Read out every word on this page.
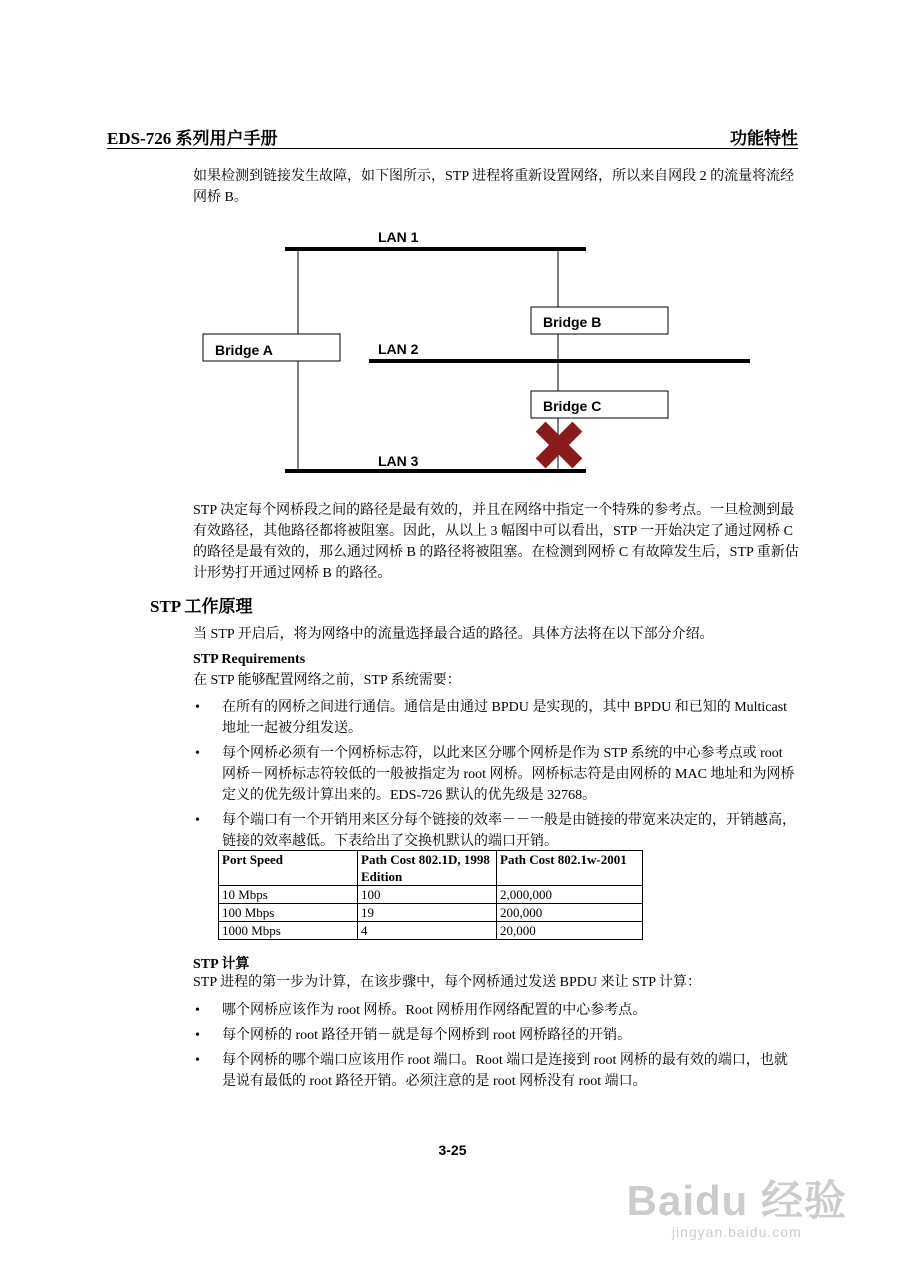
EDS-726 系列用户手册	功能特性

如果检测到链接发生故障，如下图所示，STP 进程将重新设置网络，所以来自网段 2 的流量将流经网桥 B。

LAN 1
LAN 2
LAN 3
Bridge A
Bridge B
Bridge C

STP 决定每个网桥段之间的路径是最有效的，并且在网络中指定一个特殊的参考点。一旦检测到最有效路径，其他路径都将被阻塞。因此，从以上 3 幅图中可以看出，STP 一开始决定了通过网桥 C 的路径是最有效的，那么通过网桥 B 的路径将被阻塞。在检测到网桥 C 有故障发生后，STP 重新估计形势打开通过网桥 B 的路径。

STP 工作原理

当 STP 开启后，将为网络中的流量选择最合适的路径。具体方法将在以下部分介绍。

STP Requirements

在 STP 能够配置网络之前，STP 系统需要：

• 在所有的网桥之间进行通信。通信是由通过 BPDU 是实现的，其中 BPDU 和已知的 Multicast 地址一起被分组发送。
• 每个网桥必须有一个网桥标志符，以此来区分哪个网桥是作为 STP 系统的中心参考点或 root 网桥－网桥标志符较低的一般被指定为 root 网桥。网桥标志符是由网桥的 MAC 地址和为网桥定义的优先级计算出来的。EDS-726 默认的优先级是 32768。
• 每个端口有一个开销用来区分每个链接的效率－－一般是由链接的带宽来决定的，开销越高，链接的效率越低。下表给出了交换机默认的端口开销。
Port Speed	Path Cost 802.1D, 1998 Edition	Path Cost 802.1w-2001
10 Mbps	100	2,000,000
100 Mbps	19	200,000
1000 Mbps	4	20,000
STP 计算

STP 进程的第一步为计算，在该步骤中，每个网桥通过发送 BPDU 来让 STP 计算：

• 哪个网桥应该作为 root 网桥。Root 网桥用作网络配置的中心参考点。
• 每个网桥的 root 路径开销－就是每个网桥到 root 网桥路径的开销。
• 每个网桥的哪个端口应该用作 root 端口。Root 端口是连接到 root 网桥的最有效的端口，也就是说有最低的 root 路径开销。必须注意的是 root 网桥没有 root 端口。
3-25
Baidu 经验
jingyan.baidu.com
